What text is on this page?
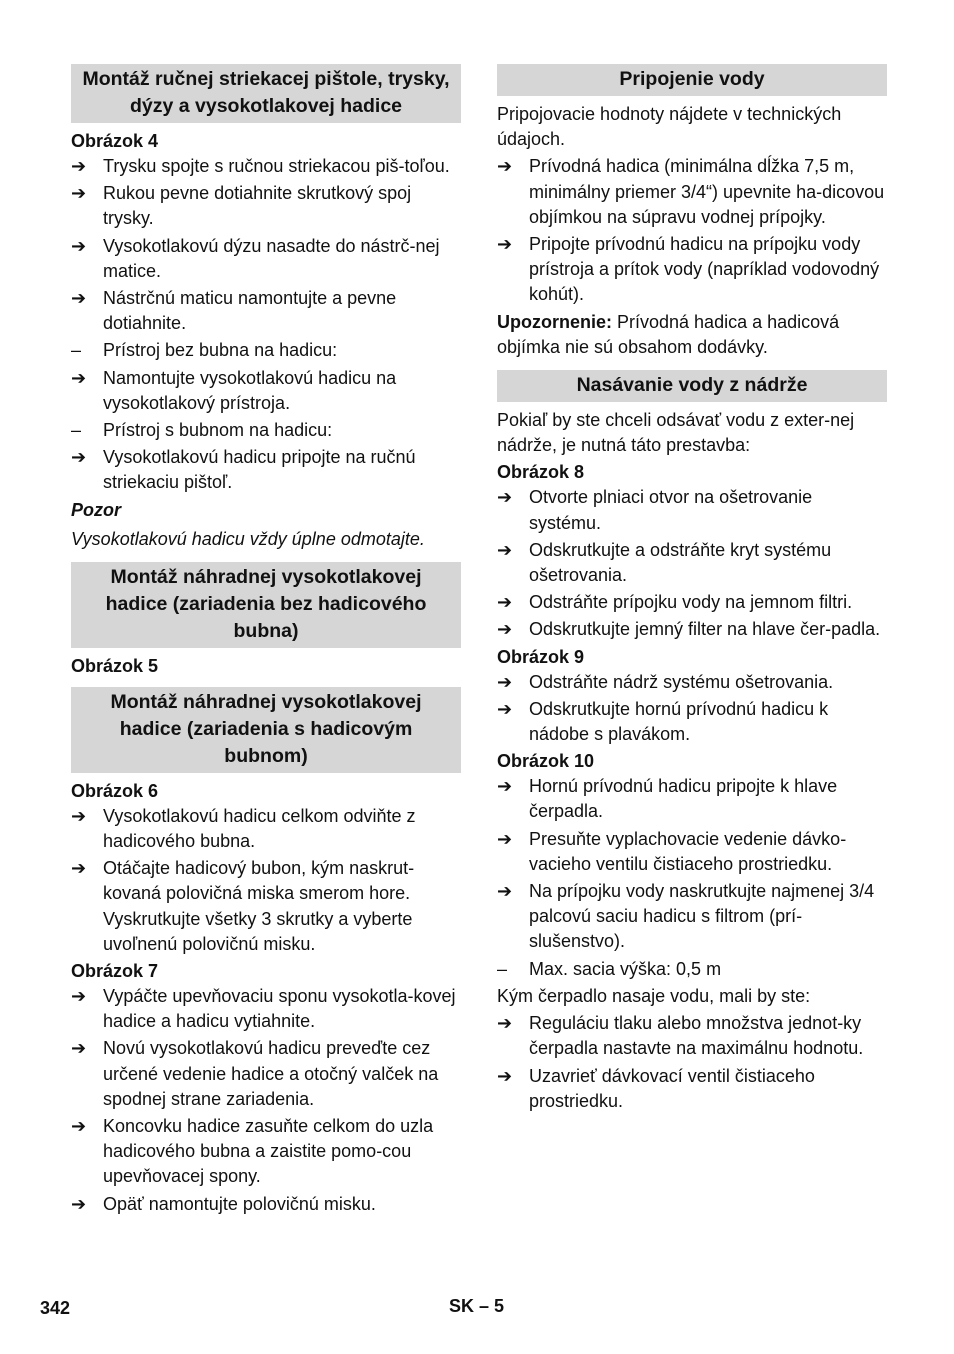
Montáž ručnej striekacej pištole, trysky, dýzy a vysokotlakovej hadice
Obrázok 4
➔ Trysku spojte s ručnou striekacou piš-toľou.
➔ Rukou pevne dotiahnite skrutkový spoj trysky.
➔ Vysokotlakovú dýzu nasadte do nástrč-nej matice.
➔ Nástrčnú maticu namontujte a pevne dotiahnite.
–	Prístroj bez bubna na hadicu:
➔ Namontujte vysokotlakovú hadicu na vysokotlakový prístroja.
–	Prístroj s bubnom na hadicu:
➔ Vysokotlakovú hadicu pripojte na ručnú striekaciu pištoľ.
Pozor
Vysokotlakovú hadicu vždy úplne odmotajte.
Montáž náhradnej vysokotlakovej hadice (zariadenia bez hadicového bubna)
Obrázok 5
Montáž náhradnej vysokotlakovej hadice (zariadenia s hadicovým bubnom)
Obrázok 6
➔ Vysokotlakovú hadicu celkom odviňte z hadicového bubna.
➔ Otáčajte hadicový bubon, kým naskrut-kovaná polovičná miska smerom hore. Vyskrutkujte všetky 3 skrutky a vyberte uvoľnenú polovičnú misku.
Obrázok 7
➔ Vypáčte upevňovaciu sponu vysokotla-kovej hadice a hadicu vytiahnite.
➔ Novú vysokotlakovú hadicu preveďte cez určené vedenie hadice a otočný valček na spodnej strane zariadenia.
➔ Koncovku hadice zasuňte celkom do uzla hadicového bubna a zaistite pomo-cou upevňovacej spony.
➔ Opäť namontujte polovičnú misku.
Pripojenie vody
Pripojovacie hodnoty nájdete v technických údajoch.
➔ Prívodná hadica (minimálna dĺžka 7,5 m, minimálny priemer 3/4“) upevnite ha-dicovou objímkou na súpravu vodnej prípojky.
➔ Pripojte prívodnú hadicu na prípojku vody prístroja a prítok vody (napríklad vodovodný kohút).
Upozornenie: Prívodná hadica a hadicová objímka nie sú obsahom dodávky.
Nasávanie vody z nádrže
Pokiaľ by ste chceli odsávať vodu z exter-nej nádrže, je nutná táto prestavba:
Obrázok 8
➔ Otvorte plniaci otvor na ošetrovanie systému.
➔ Odskrutkujte a odstráňte kryt systému ošetrovania.
➔ Odstráňte prípojku vody na jemnom filtri.
➔ Odskrutkujte jemný filter na hlave čer-padla.
Obrázok 9
➔ Odstráňte nádrž systému ošetrovania.
➔ Odskrutkujte hornú prívodnú hadicu k nádobe s plavákom.
Obrázok 10
➔ Hornú prívodnú hadicu pripojte k hlave čerpadla.
➔ Presuňte vyplachovacie vedenie dávko-vacieho ventilu čistiaceho prostriedku.
➔ Na prípojku vody naskrutkujte najmenej 3/4 palcovú saciu hadicu s filtrom (prí-slušenstvo).
–	Max. sacia výška: 0,5 m
Kým čerpadlo nasaje vodu, mali by ste:
➔ Reguláciu tlaku alebo množstva jednot-ky čerpadla nastavte na maximálnu hodnotu.
➔ Uzavrieť dávkovací ventil čistiaceho prostriedku.
342	SK – 5
